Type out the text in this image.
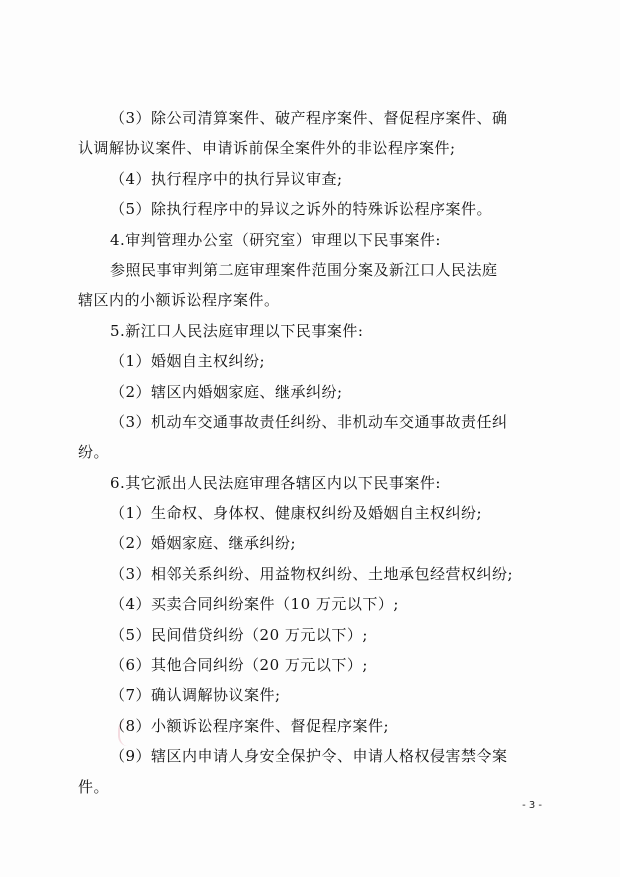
（3）除公司清算案件、破产程序案件、督促程序案件、确
认调解协议案件、申请诉前保全案件外的非讼程序案件;
（4）执行程序中的执行异议审查;
（5）除执行程序中的异议之诉外的特殊诉讼程序案件。
4.审判管理办公室（研究室）审理以下民事案件:
参照民事审判第二庭审理案件范围分案及新江口人民法庭
辖区内的小额诉讼程序案件。
5.新江口人民法庭审理以下民事案件:
（1）婚姻自主权纠纷;
（2）辖区内婚姻家庭、继承纠纷;
（3）机动车交通事故责任纠纷、非机动车交通事故责任纠
纷。
6.其它派出人民法庭审理各辖区内以下民事案件:
（1）生命权、身体权、健康权纠纷及婚姻自主权纠纷;
（2）婚姻家庭、继承纠纷;
（3）相邻关系纠纷、用益物权纠纷、土地承包经营权纠纷;
（4）买卖合同纠纷案件（10 万元以下）;
（5）民间借贷纠纷（20 万元以下）;
（6）其他合同纠纷（20 万元以下）;
（7）确认调解协议案件;
（8）小额诉讼程序案件、督促程序案件;
（9）辖区内申请人身安全保护令、申请人格权侵害禁令案
件。
- 3 -
